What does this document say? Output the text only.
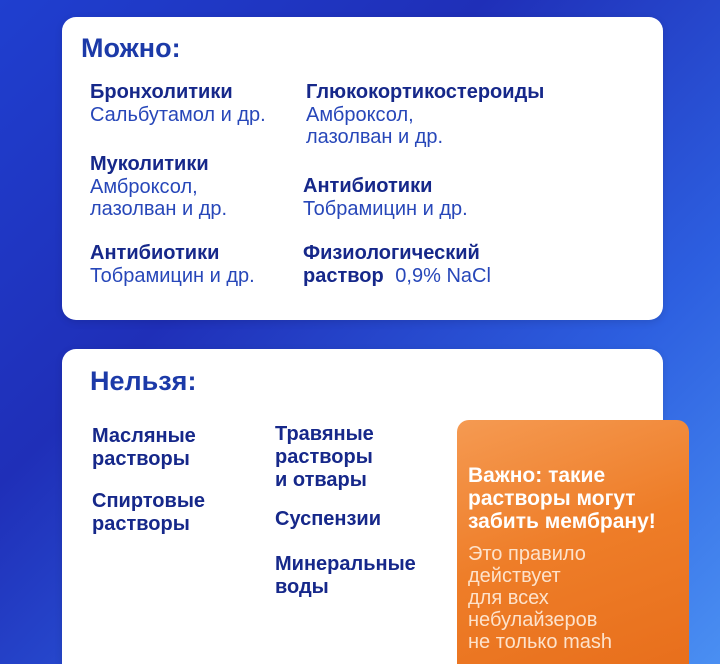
Можно:
Бронхолитики
Сальбутамол и др.
Глюкокортикостероиды
Амброксол,
лазолван и др.
Муколитики
Амброксол,
лазолван и др.
Антибиотики
Тобрамицин и др.
Антибиотики
Тобрамицин и др.
Физиологический
раствор 0,9% NaCl
Нельзя:
Масляные
растворы
Спиртовые
растворы
Травяные
растворы
и отвары
Суспензии
Минеральные
воды
Важно: такие
растворы могут
забить мембрану!
Это правило
действует
для всех
небулайзеров
не только mash
